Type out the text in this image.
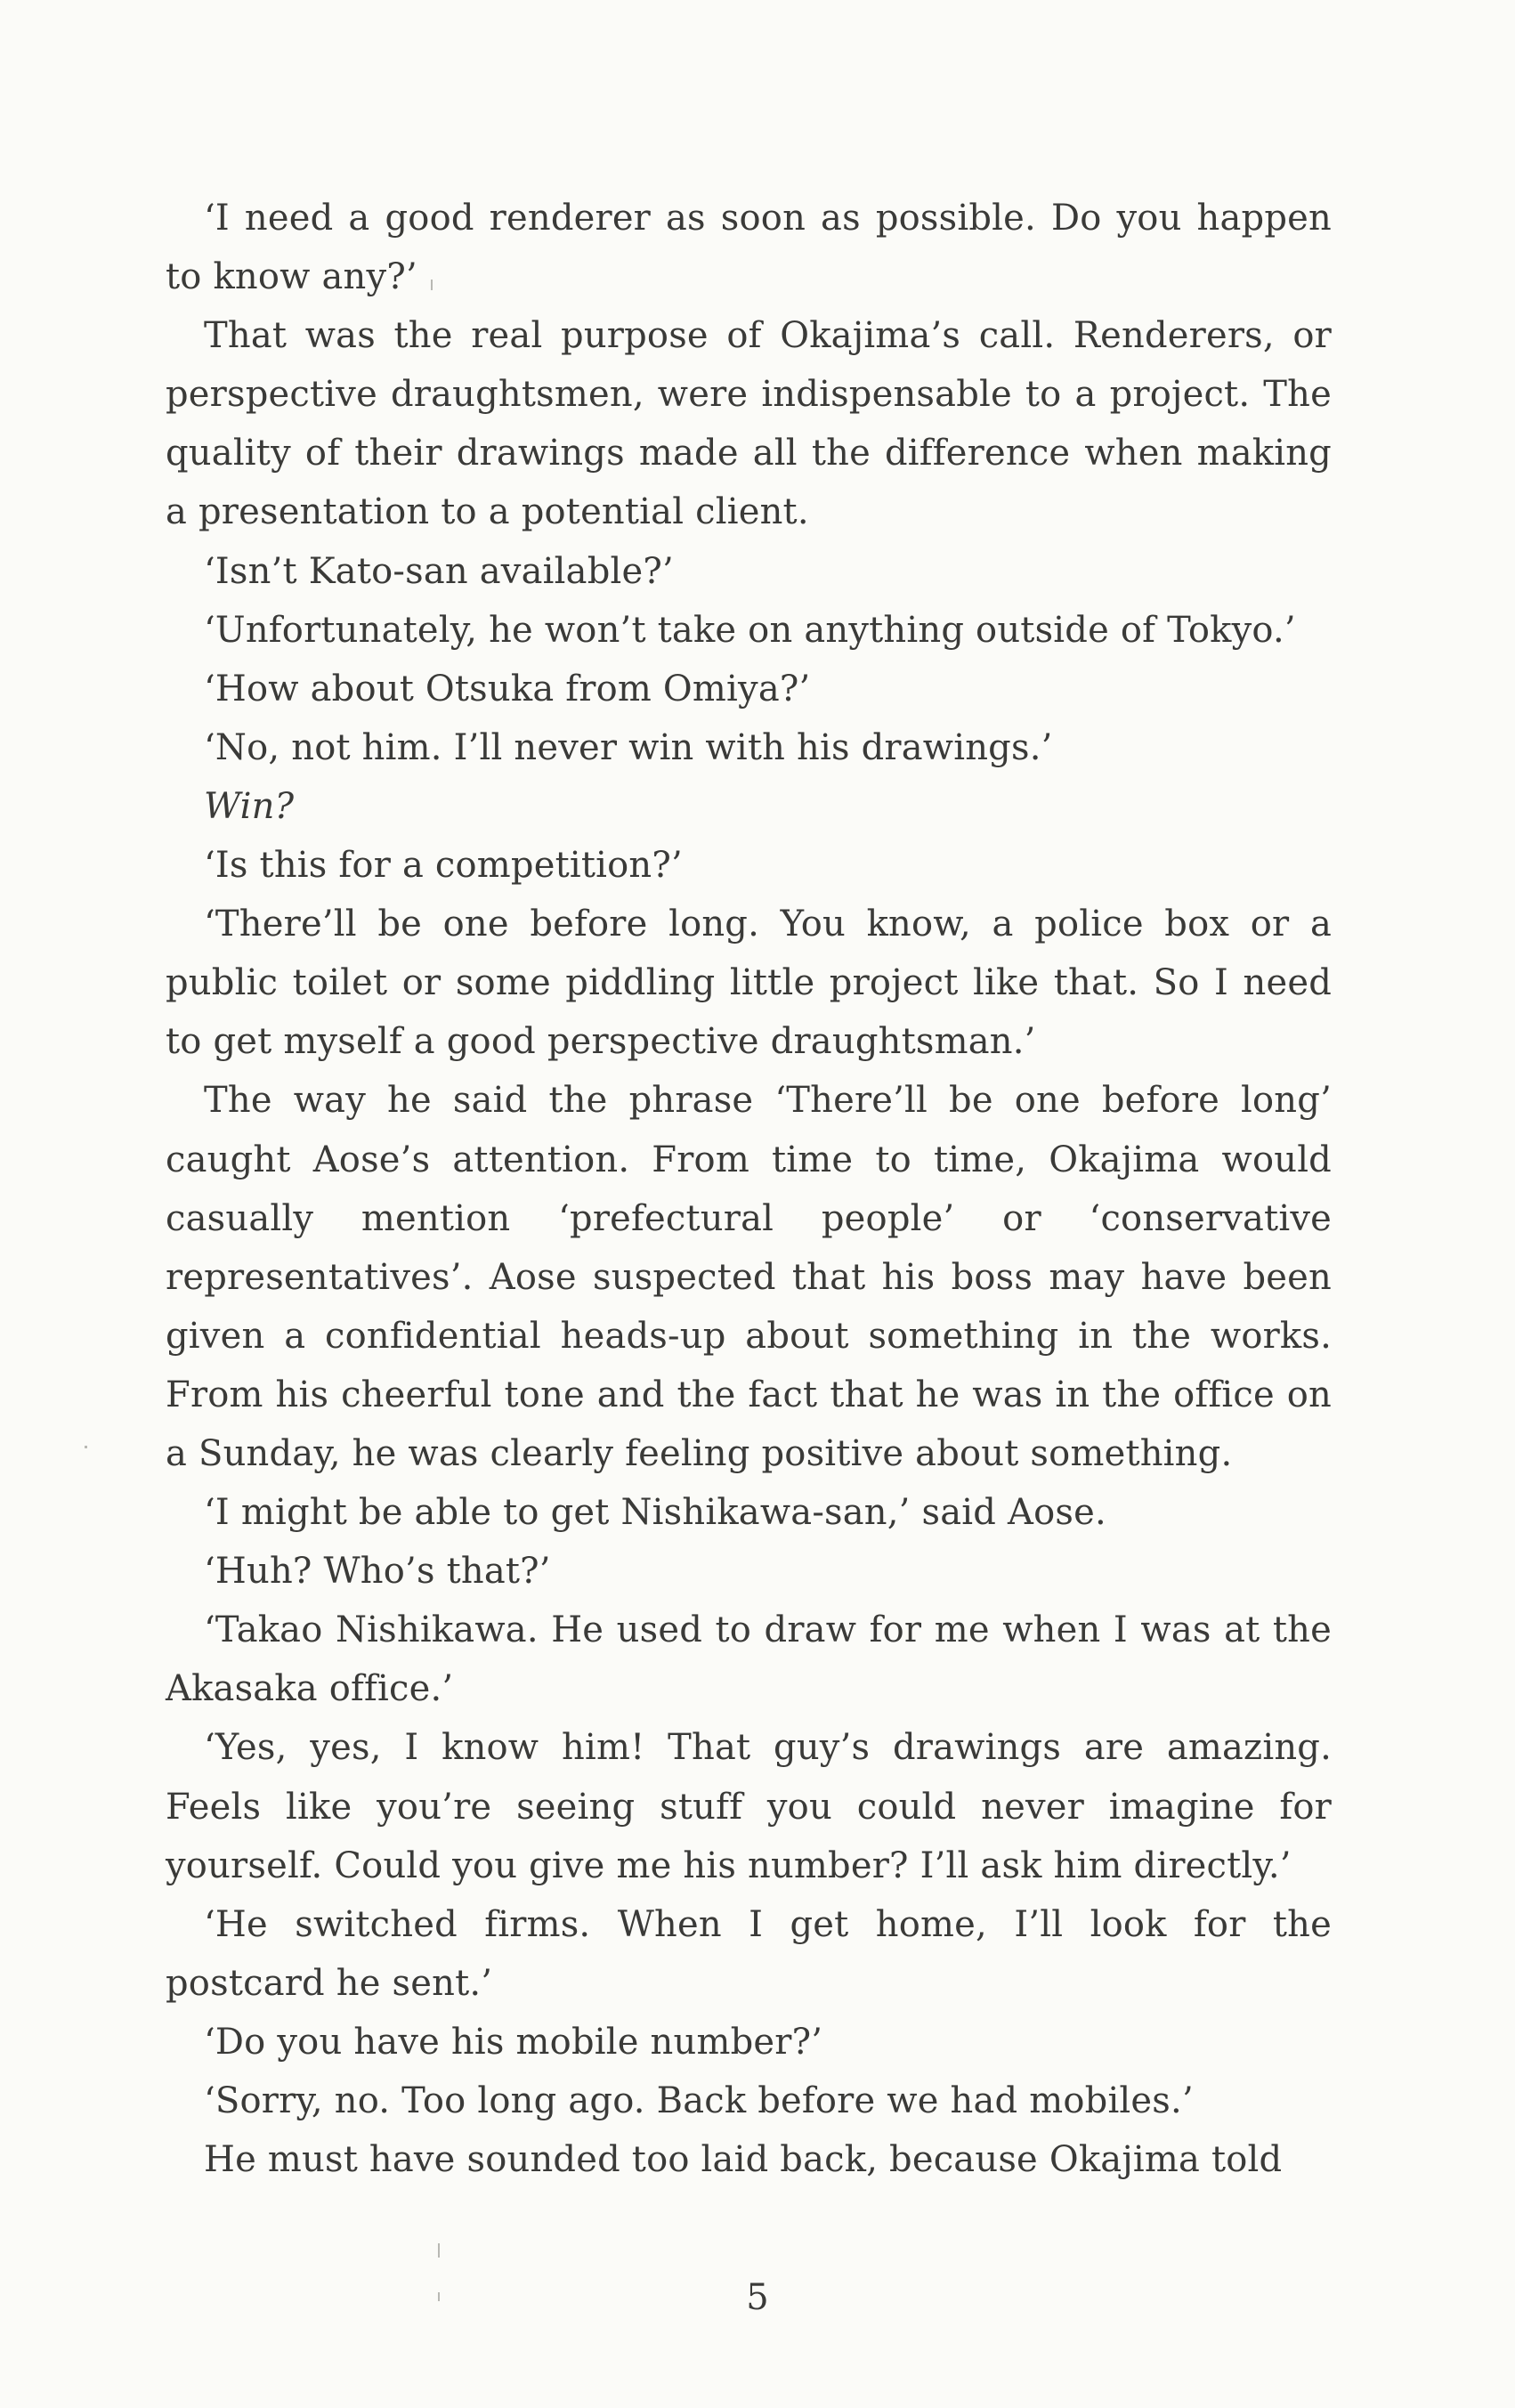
‘I need a good renderer as soon as possible. Do you happen to know any?’

That was the real purpose of Okajima’s call. Renderers, or perspective draughtsmen, were indispensable to a project. The quality of their drawings made all the difference when making a presentation to a potential client.

‘Isn’t Kato-san available?’

‘Unfortunately, he won’t take on anything outside of Tokyo.’

‘How about Otsuka from Omiya?’

‘No, not him. I’ll never win with his drawings.’

Win?

‘Is this for a competition?’

‘There’ll be one before long. You know, a police box or a public toilet or some piddling little project like that. So I need to get myself a good perspective draughtsman.’

The way he said the phrase ‘There’ll be one before long’ caught Aose’s attention. From time to time, Okajima would casually mention ‘prefectural people’ or ‘conservative representatives’. Aose suspected that his boss may have been given a confidential heads-up about something in the works. From his cheerful tone and the fact that he was in the office on a Sunday, he was clearly feeling positive about something.

‘I might be able to get Nishikawa-san,’ said Aose.

‘Huh? Who’s that?’

‘Takao Nishikawa. He used to draw for me when I was at the Akasaka office.’

‘Yes, yes, I know him! That guy’s drawings are amazing. Feels like you’re seeing stuff you could never imagine for yourself. Could you give me his number? I’ll ask him directly.’

‘He switched firms. When I get home, I’ll look for the postcard he sent.’

‘Do you have his mobile number?’

‘Sorry, no. Too long ago. Back before we had mobiles.’

He must have sounded too laid back, because Okajima told

5
